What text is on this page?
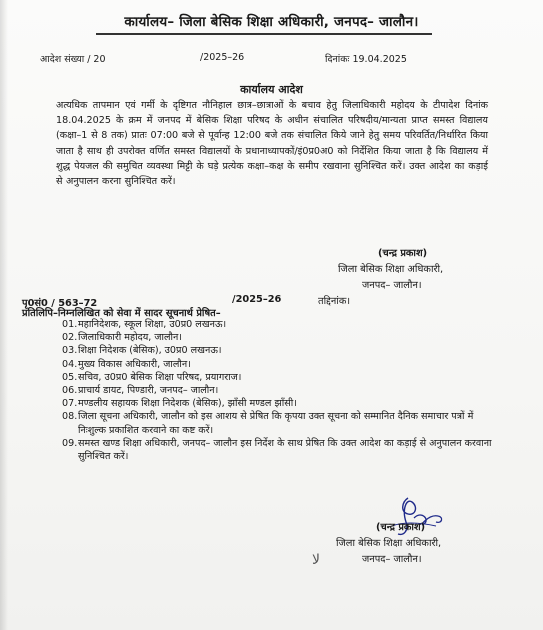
कार्यालय– जिला बेसिक शिक्षा अधिकारी, जनपद– जालौन।
आदेश संख्या / 20	/2025–26	दिनांकः 19.04.2025
कार्यालय आदेश
अत्यधिक तापमान एवं गर्मी के दृष्टिगत नौनिहाल छात्र–छात्राओं के बचाव हेतु जिलाधिकारी महोदय के टीपादेश दिनांक 18.04.2025 के क्रम में जनपद में बेसिक शिक्षा परिषद के अधीन संचालित परिषदीय/मान्यता प्राप्त समस्त विद्यालय (कक्षा–1 से 8 तक) प्रातः 07:00 बजे से पूर्वान्ह 12:00 बजे तक संचालित किये जाने हेतु समय परिवर्तित/निर्धारित किया जाता है साथ ही उपरोक्त वर्णित समस्त विद्यालयों के प्रधानाध्यापकों/इं0प्र0अ0 को निर्देशित किया जाता है कि विद्यालय में शुद्ध पेयजल की समुचित व्यवस्था मिट्टी के घड़े प्रत्येक कक्षा–कक्ष के समीप रखवाना सुनिश्चित करें। उक्त आदेश का कड़ाई से अनुपालन करना सुनिश्चित करें।
(चन्द्र प्रकाश)
जिला बेसिक शिक्षा अधिकारी,
जनपद– जालौन।
पृ0सं0 / 563–72	/2025–26	तद्दिनांक।
प्रतिलिपि–निम्नलिखित को सेवा में सादर सूचनार्थ प्रेषित–
01. महानिदेशक, स्कूल शिक्षा, उ0प्र0 लखनऊ।
02. जिलाधिकारी महोदय, जालौन।
03. शिक्षा निदेशक (बेसिक), उ0प्र0 लखनऊ।
04. मुख्य विकास अधिकारी, जालौन।
05. सचिव, उ0प्र0 बेसिक शिक्षा परिषद, प्रयागराज।
06. प्राचार्य डायट, पिण्डारी, जनपद– जालौन।
07. मण्डलीय सहायक शिक्षा निदेशक (बेसिक), झाँसी मण्डल झाँसी।
08. जिला सूचना अधिकारी, जालौन को इस आशय से प्रेषित कि कृपया उक्त सूचना को सम्मानित दैनिक समाचार पत्रों में निःशुल्क प्रकाशित करवाने का कष्ट करें।
09. समस्त खण्ड शिक्षा अधिकारी, जनपद– जालौन इस निर्देश के साथ प्रेषित कि उक्त आदेश का कड़ाई से अनुपालन करवाना सुनिश्चित करें।
(चन्द्र प्रकाश)
जिला बेसिक शिक्षा अधिकारी,
जनपद– जालौन।
ﻻ
